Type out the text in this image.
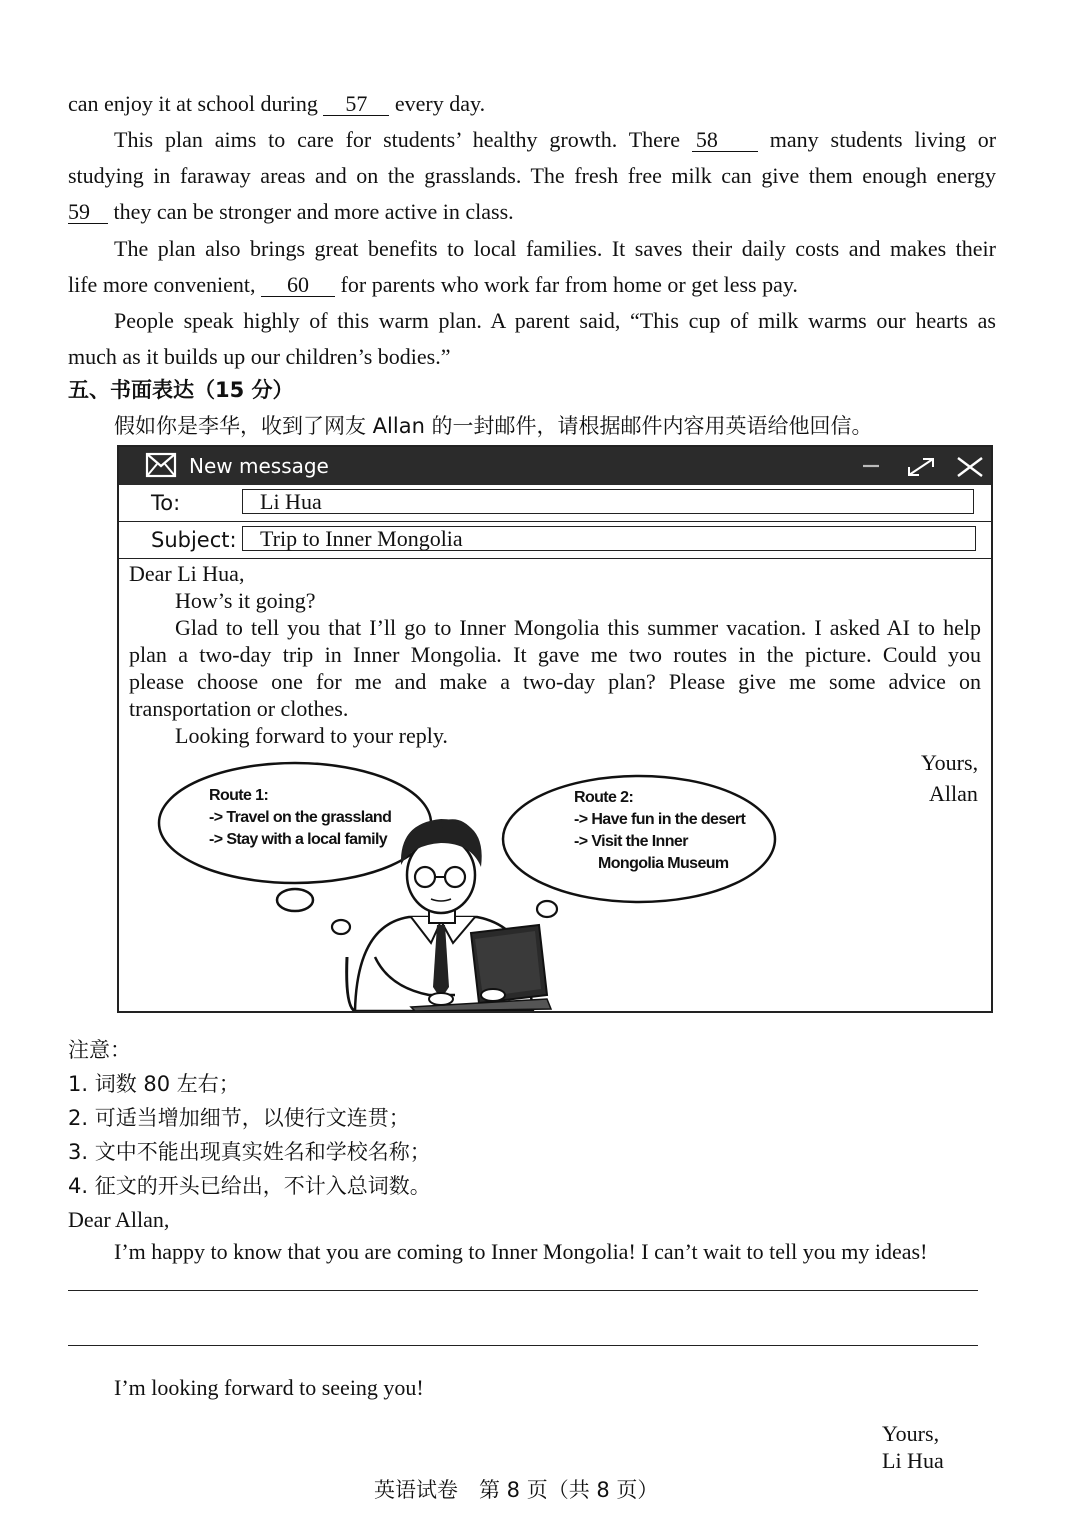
can enjoy it at school during 57 every day.
This plan aims to care for students’ healthy growth. There 58 many students living or
studying in faraway areas and on the grasslands. The fresh free milk can give them enough energy
59 they can be stronger and more active in class.
The plan also brings great benefits to local families. It saves their daily costs and makes their
life more convenient, 60 for parents who work far from home or get less pay.
People speak highly of this warm plan. A parent said, “This cup of milk warms our hearts as
much as it builds up our children’s bodies.”
五、书面表达（15 分）
假如你是李华，收到了网友 Allan 的一封邮件，请根据邮件内容用英语给他回信。
New message
To:	Li Hua
Subject:	Trip to Inner Mongolia
Dear Li Hua,
How’s it going?
Glad to tell you that I’ll go to Inner Mongolia this summer vacation. I asked AI to help
plan a two-day trip in Inner Mongolia. It gave me two routes in the picture. Could you
please choose one for me and make a two-day plan? Please give me some advice on
transportation or clothes.
Looking forward to your reply.
Yours,
Allan
Route 1:
-> Travel on the grassland
-> Stay with a local family
Route 2:
-> Have fun in the desert
-> Visit the Inner
Mongolia Museum
注意：
1. 词数 80 左右；
2. 可适当增加细节，以使行文连贯；
3. 文中不能出现真实姓名和学校名称；
4. 征文的开头已给出，不计入总词数。
Dear Allan,
I’m happy to know that you are coming to Inner Mongolia! I can’t wait to tell you my ideas!
I’m looking forward to seeing you!
Yours,
Li Hua
英语试卷　第 8 页（共 8 页）
